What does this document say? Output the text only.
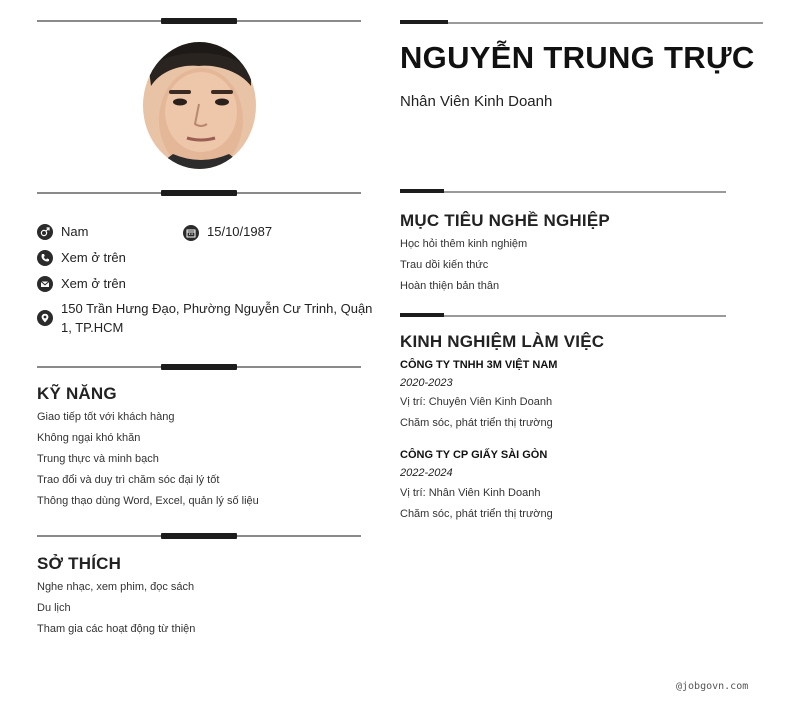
Nam	15/10/1987
Xem ở trên
Xem ở trên
150 Trần Hưng Đạo, Phường Nguyễn Cư Trinh, Quận
1, TP.HCM
KỸ NĂNG
Giao tiếp tốt với khách hàng
Không ngại khó khăn
Trung thực và minh bạch
Trao đổi và duy trì chăm sóc đại lý tốt
Thông thạo dùng Word, Excel, quản lý số liệu
SỞ THÍCH
Nghe nhạc, xem phim, đọc sách
Du lịch
Tham gia các hoạt động từ thiện
NGUYỄN TRUNG TRỰC
Nhân Viên Kinh Doanh
MỤC TIÊU NGHỀ NGHIỆP
Học hỏi thêm kinh nghiệm
Trau dồi kiến thức
Hoàn thiện bản thân
KINH NGHIỆM LÀM VIỆC
CÔNG TY TNHH 3M VIỆT NAM
2020-2023
Vị trí: Chuyên Viên Kinh Doanh
Chăm sóc, phát triển thị trường
CÔNG TY CP GIẤY SÀI GÒN
2022-2024
Vị trí: Nhân Viên Kinh Doanh
Chăm sóc, phát triển thị trường
@jobgovn.com
